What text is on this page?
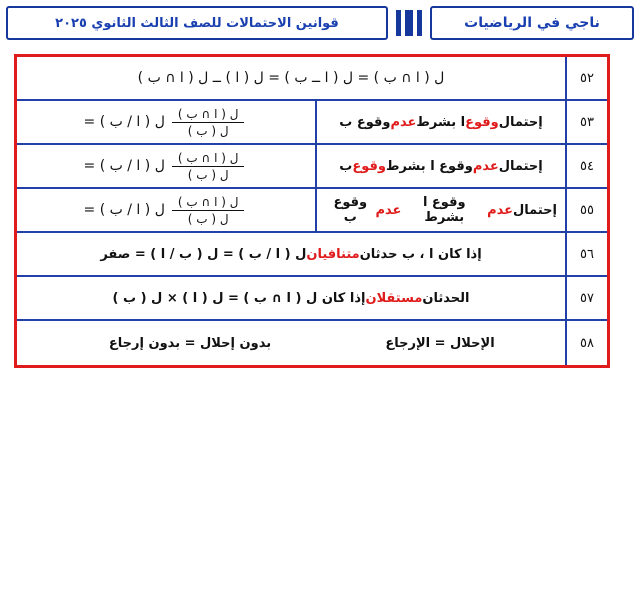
ناجي في الرياضيات
قوانين الاحتمالات للصف الثالث الثانوي ٢٠٢٥
٥٢
ل ( ا ∩ ب ) = ل ( ا ــ ب ) = ل ( ا ) ــ ل ( ا ∩ ب )
٥٣
إحتمال
وقوع
ا بشرط
عدم
وقوع ب
ل ( ا / ب ) = $\frac{\text{ل ( ا ∩ ب )}}{\text{ل ( ب )}}$
٥٤
إحتمال
عدم
وقوع ا بشرط
وقوع
ب
ل ( ا / ب ) = $\frac{\text{ل ( ا ∩ ب )}}{\text{ل ( ب )}}$
٥٥
إحتمال
عدم
وقوع ا بشرط
عدم
وقوع ب
ل ( ا / ب ) = $\frac{\text{ل ( ا ∩ ب )}}{\text{ل ( ب )}}$
٥٦
إذا كان ا ، ب حدثان
متنافيان
ل ( ا / ب ) = ل ( ب / ا ) = صفر
٥٧
الحدثان
مستقلان
إذا كان ل ( ا ∩ ب ) = ل ( ا ) × ل ( ب )
٥٨
الإحلال = الإرجاع
بدون إحلال = بدون إرجاع
